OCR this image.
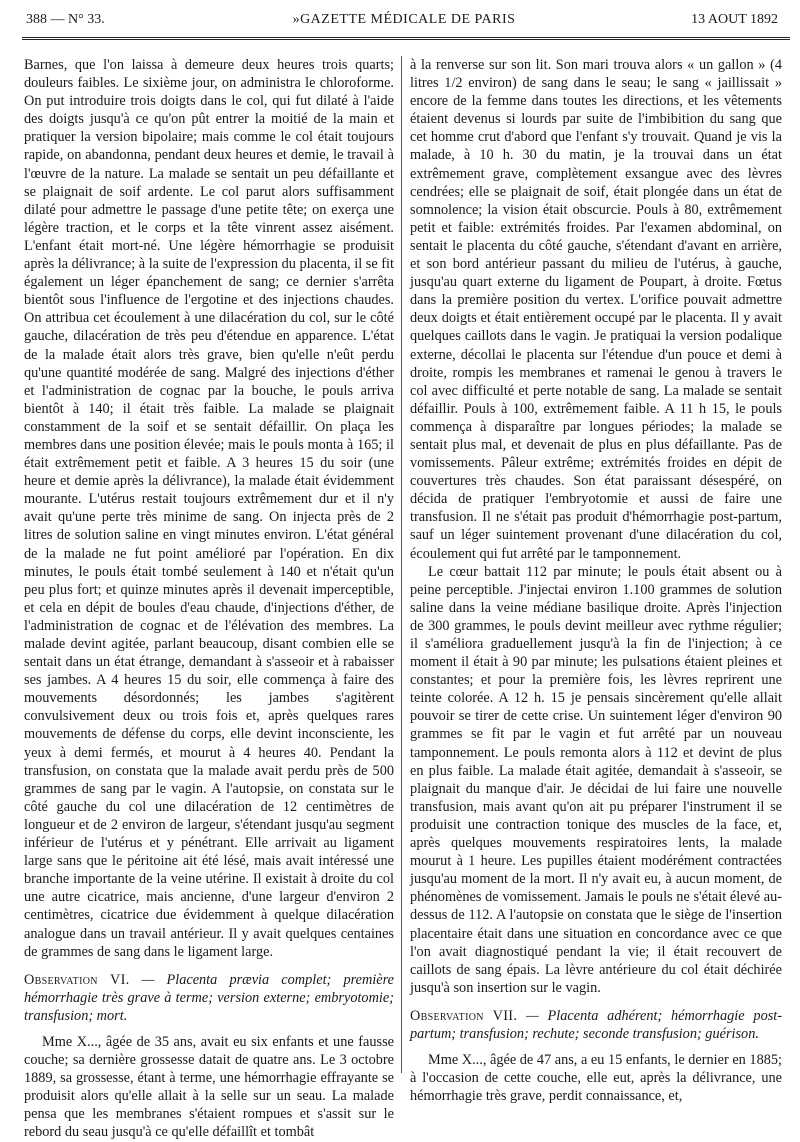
388 — N° 33.	»GAZETTE MÉDICALE DE PARIS	13 AOUT 1892

Barnes, que l'on laissa à demeure deux heures trois quarts; douleurs faibles. Le sixième jour, on administra le chloroforme. On put introduire trois doigts dans le col, qui fut dilaté à l'aide des doigts jusqu'à ce qu'on pût entrer la moitié de la main et pratiquer la version bipolaire; mais comme le col était toujours rapide, on abandonna, pendant deux heures et demie, le travail à l'œuvre de la nature. La malade se sentait un peu défaillante et se plaignait de soif ardente. Le col parut alors suffisamment dilaté pour admettre le passage d'une petite tête; on exerça une légère traction, et le corps et la tête vinrent assez aisément. L'enfant était mort-né. Une légère hémorrhagie se produisit après la délivrance; à la suite de l'expression du placenta, il se fit également un léger épanchement de sang; ce dernier s'arrêta bientôt sous l'influence de l'ergotine et des injections chaudes. On attribua cet écoulement à une dilacération du col, sur le côté gauche, dilacération de très peu d'étendue en apparence. L'état de la malade était alors très grave, bien qu'elle n'eût perdu qu'une quantité modérée de sang. Malgré des injections d'éther et l'administration de cognac par la bouche, le pouls arriva bientôt à 140; il était très faible. La malade se plaignait constamment de la soif et se sentait défaillir. On plaça les membres dans une position élevée; mais le pouls monta à 165; il était extrêmement petit et faible. A 3 heures 15 du soir (une heure et demie après la délivrance), la malade était évidemment mourante. L'utérus restait toujours extrêmement dur et il n'y avait qu'une perte très minime de sang. On injecta près de 2 litres de solution saline en vingt minutes environ. L'état général de la malade ne fut point amélioré par l'opération. En dix minutes, le pouls était tombé seulement à 140 et n'était qu'un peu plus fort; et quinze minutes après il devenait imperceptible, et cela en dépit de boules d'eau chaude, d'injections d'éther, de l'administration de cognac et de l'élévation des membres. La malade devint agitée, parlant beaucoup, disant combien elle se sentait dans un état étrange, demandant à s'asseoir et à rabaisser ses jambes. A 4 heures 15 du soir, elle commença à faire des mouvements désordonnés; les jambes s'agitèrent convulsivement deux ou trois fois et, après quelques rares mouvements de défense du corps, elle devint inconsciente, les yeux à demi fermés, et mourut à 4 heures 40. Pendant la transfusion, on constata que la malade avait perdu près de 500 grammes de sang par le vagin. A l'autopsie, on constata sur le côté gauche du col une dilacération de 12 centimètres de longueur et de 2 environ de largeur, s'étendant jusqu'au segment inférieur de l'utérus et y pénétrant. Elle arrivait au ligament large sans que le péritoine ait été lésé, mais avait intéressé une branche importante de la veine utérine. Il existait à droite du col une autre cicatrice, mais ancienne, d'une largeur d'environ 2 centimètres, cicatrice due évidemment à quelque dilacération analogue dans un travail antérieur. Il y avait quelques centaines de grammes de sang dans le ligament large.

Observation VI. — Placenta prævia complet; première hémorrhagie très grave à terme; version externe; embryotomie; transfusion; mort.

Mme X..., âgée de 35 ans, avait eu six enfants et une fausse couche; sa dernière grossesse datait de quatre ans. Le 3 octobre 1889, sa grossesse, étant à terme, une hémorrhagie effrayante se produisit alors qu'elle allait à la selle sur un seau. La malade pensa que les membranes s'étaient rompues et s'assit sur le rebord du seau jusqu'à ce qu'elle défaillît et tombât

à la renverse sur son lit. Son mari trouva alors « un gallon » (4 litres 1/2 environ) de sang dans le seau; le sang « jaillissait » encore de la femme dans toutes les directions, et les vêtements étaient devenus si lourds par suite de l'imbibition du sang que cet homme crut d'abord que l'enfant s'y trouvait. Quand je vis la malade, à 10 h. 30 du matin, je la trouvai dans un état extrêmement grave, complètement exsangue avec des lèvres cendrées; elle se plaignait de soif, était plongée dans un état de somnolence; la vision était obscurcie. Pouls à 80, extrêmement petit et faible: extrémités froides. Par l'examen abdominal, on sentait le placenta du côté gauche, s'étendant d'avant en arrière, et son bord antérieur passant du milieu de l'utérus, à gauche, jusqu'au quart externe du ligament de Poupart, à droite. Fœtus dans la première position du vertex. L'orifice pouvait admettre deux doigts et était entièrement occupé par le placenta. Il y avait quelques caillots dans le vagin. Je pratiquai la version podalique externe, décollai le placenta sur l'étendue d'un pouce et demi à droite, rompis les membranes et ramenai le genou à travers le col avec difficulté et perte notable de sang. La malade se sentait défaillir. Pouls à 100, extrêmement faible. A 11 h 15, le pouls commença à disparaître par longues périodes; la malade se sentait plus mal, et devenait de plus en plus défaillante. Pas de vomissements. Pâleur extrême; extrémités froides en dépit de couvertures très chaudes. Son état paraissant désespéré, on décida de pratiquer l'embryotomie et aussi de faire une transfusion. Il ne s'était pas produit d'hémorrhagie post-partum, sauf un léger suintement provenant d'une dilacération du col, écoulement qui fut arrêté par le tamponnement.

Le cœur battait 112 par minute; le pouls était absent ou à peine perceptible. J'injectai environ 1.100 grammes de solution saline dans la veine médiane basilique droite. Après l'injection de 300 grammes, le pouls devint meilleur avec rythme régulier; il s'améliora graduellement jusqu'à la fin de l'injection; à ce moment il était à 90 par minute; les pulsations étaient pleines et constantes; et pour la première fois, les lèvres reprirent une teinte colorée. A 12 h. 15 je pensais sincèrement qu'elle allait pouvoir se tirer de cette crise. Un suintement léger d'environ 90 grammes se fit par le vagin et fut arrêté par un nouveau tamponnement. Le pouls remonta alors à 112 et devint de plus en plus faible. La malade était agitée, demandait à s'asseoir, se plaignait du manque d'air. Je décidai de lui faire une nouvelle transfusion, mais avant qu'on ait pu préparer l'instrument il se produisit une contraction tonique des muscles de la face, et, après quelques mouvements respiratoires lents, la malade mourut à 1 heure. Les pupilles étaient modérément contractées jusqu'au moment de la mort. Il n'y avait eu, à aucun moment, de phénomènes de vomissement. Jamais le pouls ne s'était élevé au-dessus de 112. A l'autopsie on constata que le siège de l'insertion placentaire était dans une situation en concordance avec ce que l'on avait diagnostiqué pendant la vie; il était recouvert de caillots de sang épais. La lèvre antérieure du col était déchirée jusqu'à son insertion sur le vagin.

Observation VII. — Placenta adhérent; hémorrhagie post-partum; transfusion; rechute; seconde transfusion; guérison.

Mme X..., âgée de 47 ans, a eu 15 enfants, le dernier en 1885; à l'occasion de cette couche, elle eut, après la délivrance, une hémorrhagie très grave, perdit connaissance, et,
